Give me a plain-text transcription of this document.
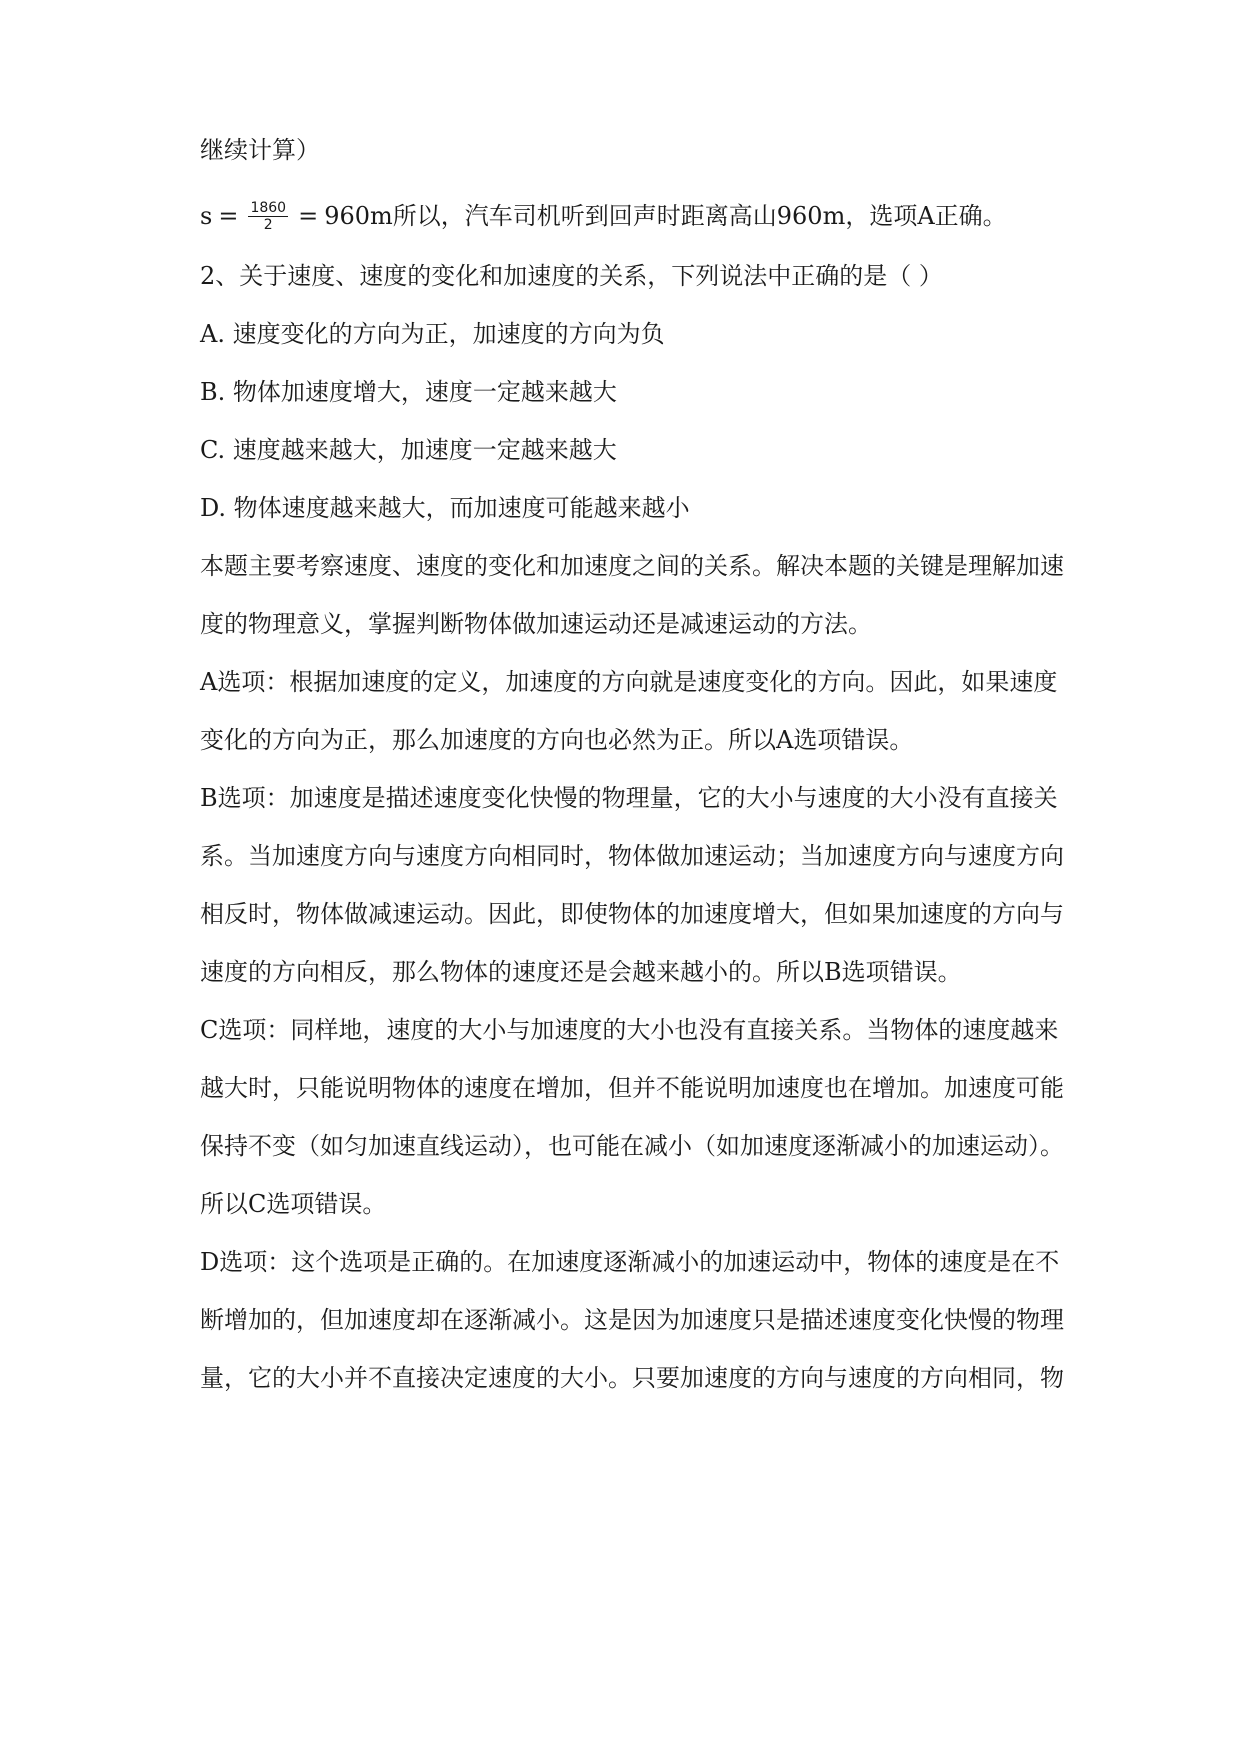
继续计算）

$s = \frac{1860}{2} = 960m$ 所以，汽车司机听到回声时距离高山960m，选项A正确。

2、关于速度、速度的变化和加速度的关系，下列说法中正确的是（ ）

A. 速度变化的方向为正，加速度的方向为负

B. 物体加速度增大，速度一定越来越大

C. 速度越来越大，加速度一定越来越大

D. 物体速度越来越大，而加速度可能越来越小

本题主要考察速度、速度的变化和加速度之间的关系。解决本题的关键是理解加速

度的物理意义，掌握判断物体做加速运动还是减速运动的方法。

A选项：根据加速度的定义，加速度的方向就是速度变化的方向。因此，如果速度

变化的方向为正，那么加速度的方向也必然为正。所以A选项错误。

B选项：加速度是描述速度变化快慢的物理量，它的大小与速度的大小没有直接关

系。当加速度方向与速度方向相同时，物体做加速运动；当加速度方向与速度方向

相反时，物体做减速运动。因此，即使物体的加速度增大，但如果加速度的方向与

速度的方向相反，那么物体的速度还是会越来越小的。所以B选项错误。

C选项：同样地，速度的大小与加速度的大小也没有直接关系。当物体的速度越来

越大时，只能说明物体的速度在增加，但并不能说明加速度也在增加。加速度可能

保持不变（如匀加速直线运动），也可能在减小（如加速度逐渐减小的加速运动）。

所以C选项错误。

D选项：这个选项是正确的。在加速度逐渐减小的加速运动中，物体的速度是在不

断增加的，但加速度却在逐渐减小。这是因为加速度只是描述速度变化快慢的物理

量，它的大小并不直接决定速度的大小。只要加速度的方向与速度的方向相同，物
